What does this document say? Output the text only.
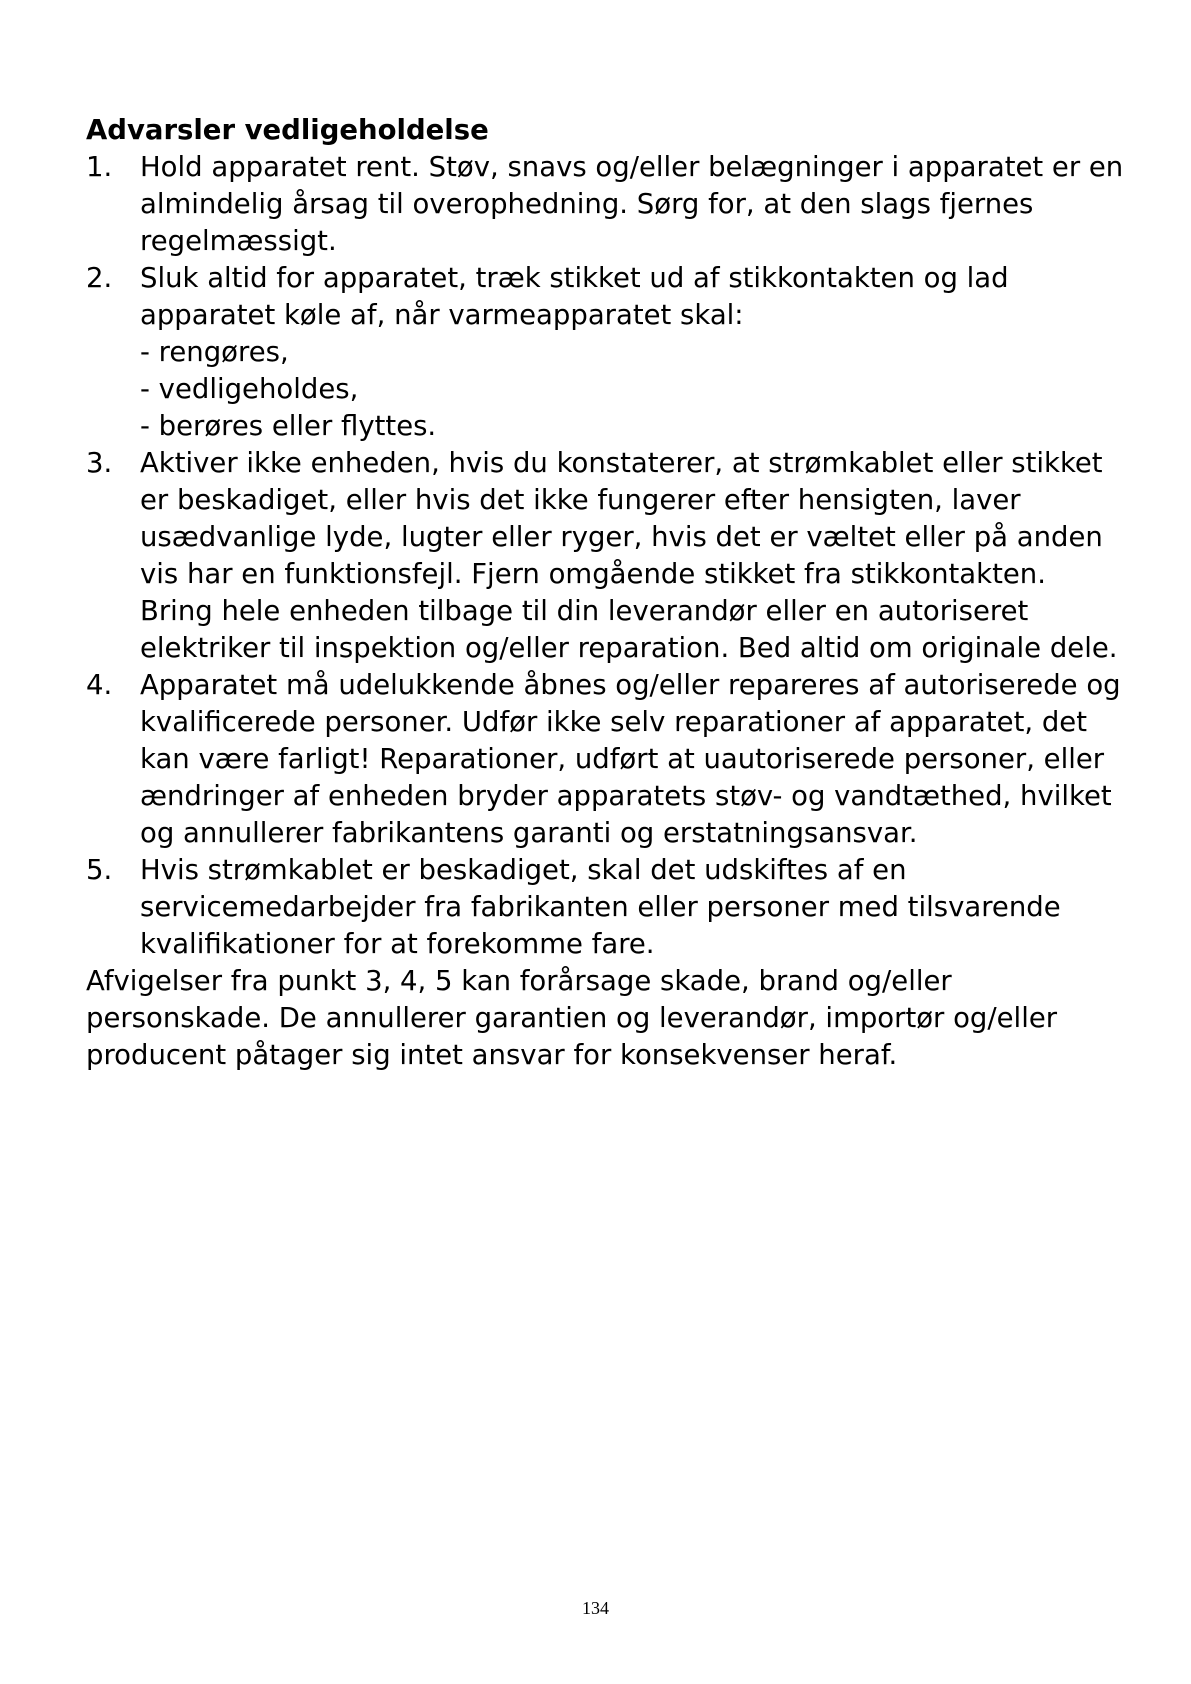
Advarsler vedligeholdelse
1. Hold apparatet rent. Støv, snavs og/eller belægninger i apparatet er en almindelig årsag til overophedning. Sørg for, at den slags fjernes regelmæssigt.
2. Sluk altid for apparatet, træk stikket ud af stikkontakten og lad apparatet køle af, når varmeapparatet skal:
- rengøres,
- vedligeholdes,
- berøres eller flyttes.
3. Aktiver ikke enheden, hvis du konstaterer, at strømkablet eller stikket er beskadiget, eller hvis det ikke fungerer efter hensigten, laver usædvanlige lyde, lugter eller ryger, hvis det er væltet eller på anden vis har en funktionsfejl. Fjern omgående stikket fra stikkontakten. Bring hele enheden tilbage til din leverandør eller en autoriseret elektriker til inspektion og/eller reparation. Bed altid om originale dele.
4. Apparatet må udelukkende åbnes og/eller repareres af autoriserede og kvalificerede personer. Udfør ikke selv reparationer af apparatet, det kan være farligt! Reparationer, udført at uautoriserede personer, eller ændringer af enheden bryder apparatets støv- og vandtæthed, hvilket og annullerer fabrikantens garanti og erstatningsansvar.
5. Hvis strømkablet er beskadiget, skal det udskiftes af en servicemedarbejder fra fabrikanten eller personer med tilsvarende kvalifikationer for at forekomme fare.
Afvigelser fra punkt 3, 4, 5 kan forårsage skade, brand og/eller personskade. De annullerer garantien og leverandør, importør og/eller producent påtager sig intet ansvar for konsekvenser heraf.
134
